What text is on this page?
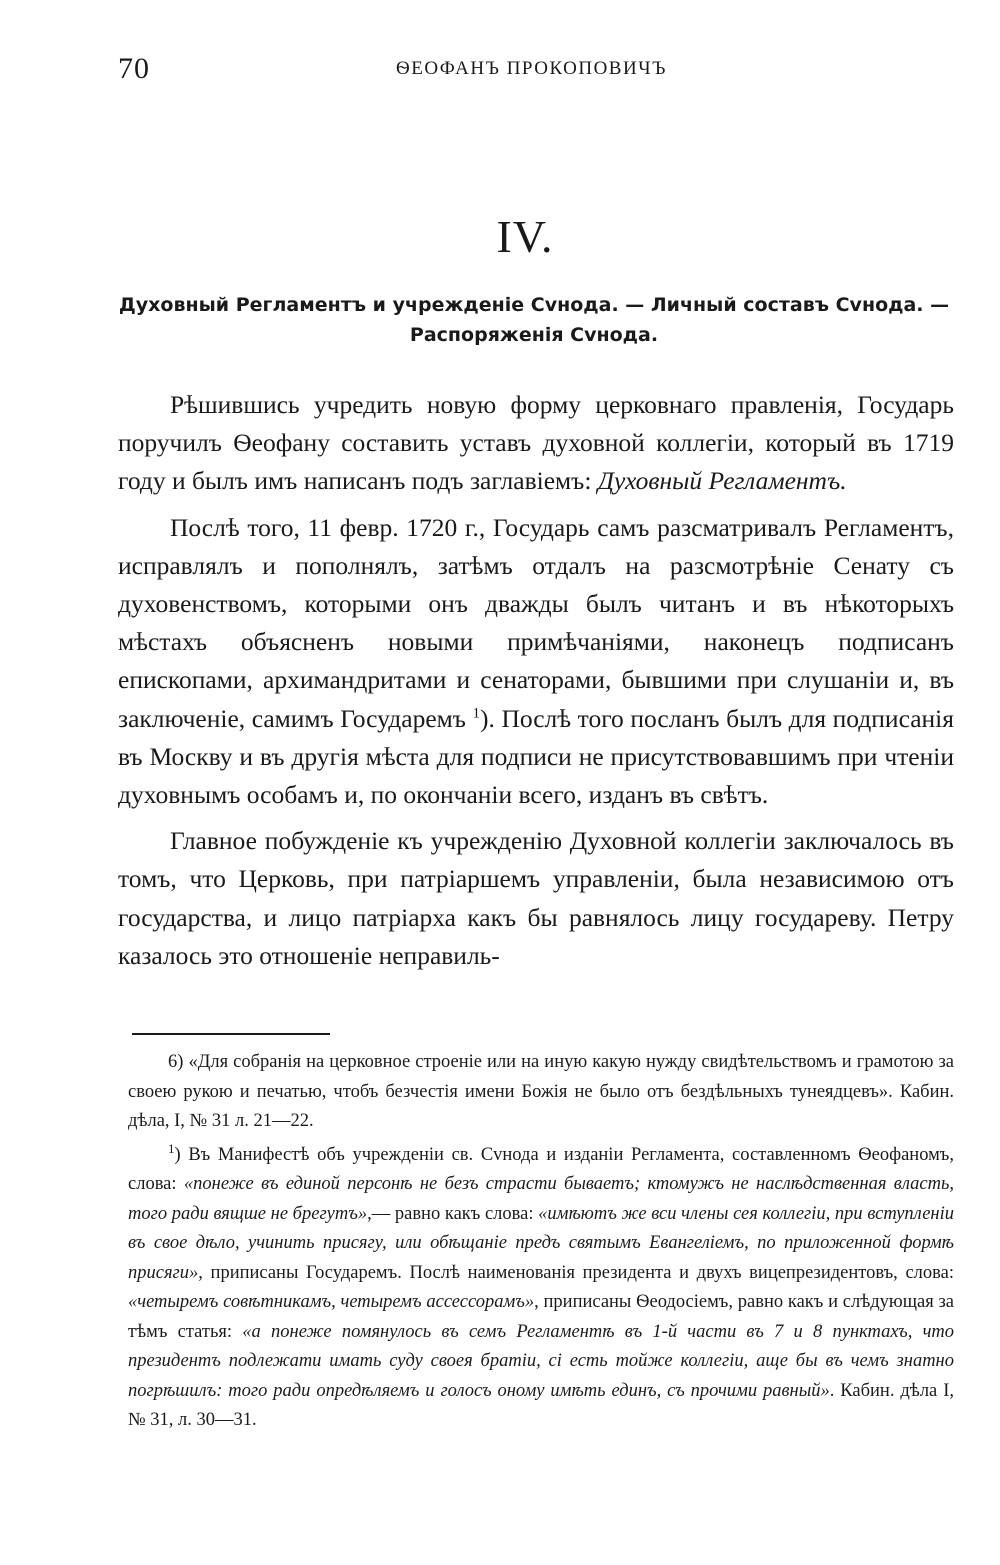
70	ѲЕОФАНЪ ПРОКОПОВИЧЪ
IV.
Духовный Регламентъ и учрежденіе Сvнода. — Личный составъ Сvнода. — Распоряженія Сvнода.

Рѣшившись учредить новую форму церковнаго правленія, Государь поручилъ Ѳеофану составить уставъ духовной коллегіи, который въ 1719 году и былъ имъ написанъ подъ заглавіемъ: Духовный Регламентъ.

Послѣ того, 11 февр. 1720 г., Государь самъ разсматривалъ Регламентъ, исправлялъ и пополнялъ, затѣмъ отдалъ на разсмотрѣніе Сенату съ духовенствомъ, которыми онъ дважды былъ читанъ и въ нѣкоторыхъ мѣстахъ объясненъ новыми примѣчаніями, наконецъ подписанъ епископами, архимандритами и сенаторами, бывшими при слушаніи и, въ заключеніе, самимъ Государемъ $^1$). Послѣ того посланъ былъ для подписанія въ Москву и въ другія мѣста для подписи не присутствовавшимъ при чтеніи духовнымъ особамъ и, по окончаніи всего, изданъ въ свѣтъ.

Главное побужденіе къ учрежденію Духовной коллегіи заключалось въ томъ, что Церковь, при патріаршемъ управленіи, была независимою отъ государства, и лицо патріарха какъ бы равнялось лицу государеву. Петру казалось это отношеніе неправиль-

6) «Для собранія на церковное строеніе или на иную какую нужду свидѣтельствомъ и грамотою за своею рукою и печатью, чтобъ безчестія имени Божія не было отъ бездѣльныхъ тунеядцевъ». Кабин. дѣла, I, № 31 л. 21—22.

$^1$) Въ Манифестѣ объ учрежденіи св. Сvнода и изданіи Регламента, составленномъ Ѳеофаномъ, слова: «понеже въ единой персонѣ не безъ страсти бываетъ; ктомужъ не наслѣдственная власть, того ради вящше не брегутъ»,— равно какъ слова: «имѣютъ же вси члены сея коллегіи, при вступленіи въ свое дѣло, учинить присягу, или обѣщаніе предъ святымъ Евангеліемъ, по приложенной формѣ присяги», приписаны Государемъ. Послѣ наименованія президента и двухъ вицепрезидентовъ, слова: «четыремъ совѣтникамъ, четыремъ ассессорамъ», приписаны Ѳеодосіемъ, равно какъ и слѣдующая за тѣмъ статья: «а понеже помянулось въ семъ Регламентѣ въ 1-й части въ 7 и 8 пунктахъ, что президентъ подлежати имать суду своея братіи, сі есть тойже коллегіи, аще бы въ чемъ знатно погрѣшилъ: того ради опредѣляемъ и голосъ оному имѣть единъ, съ прочими равный». Кабин. дѣла I, № 31, л. 30—31.
